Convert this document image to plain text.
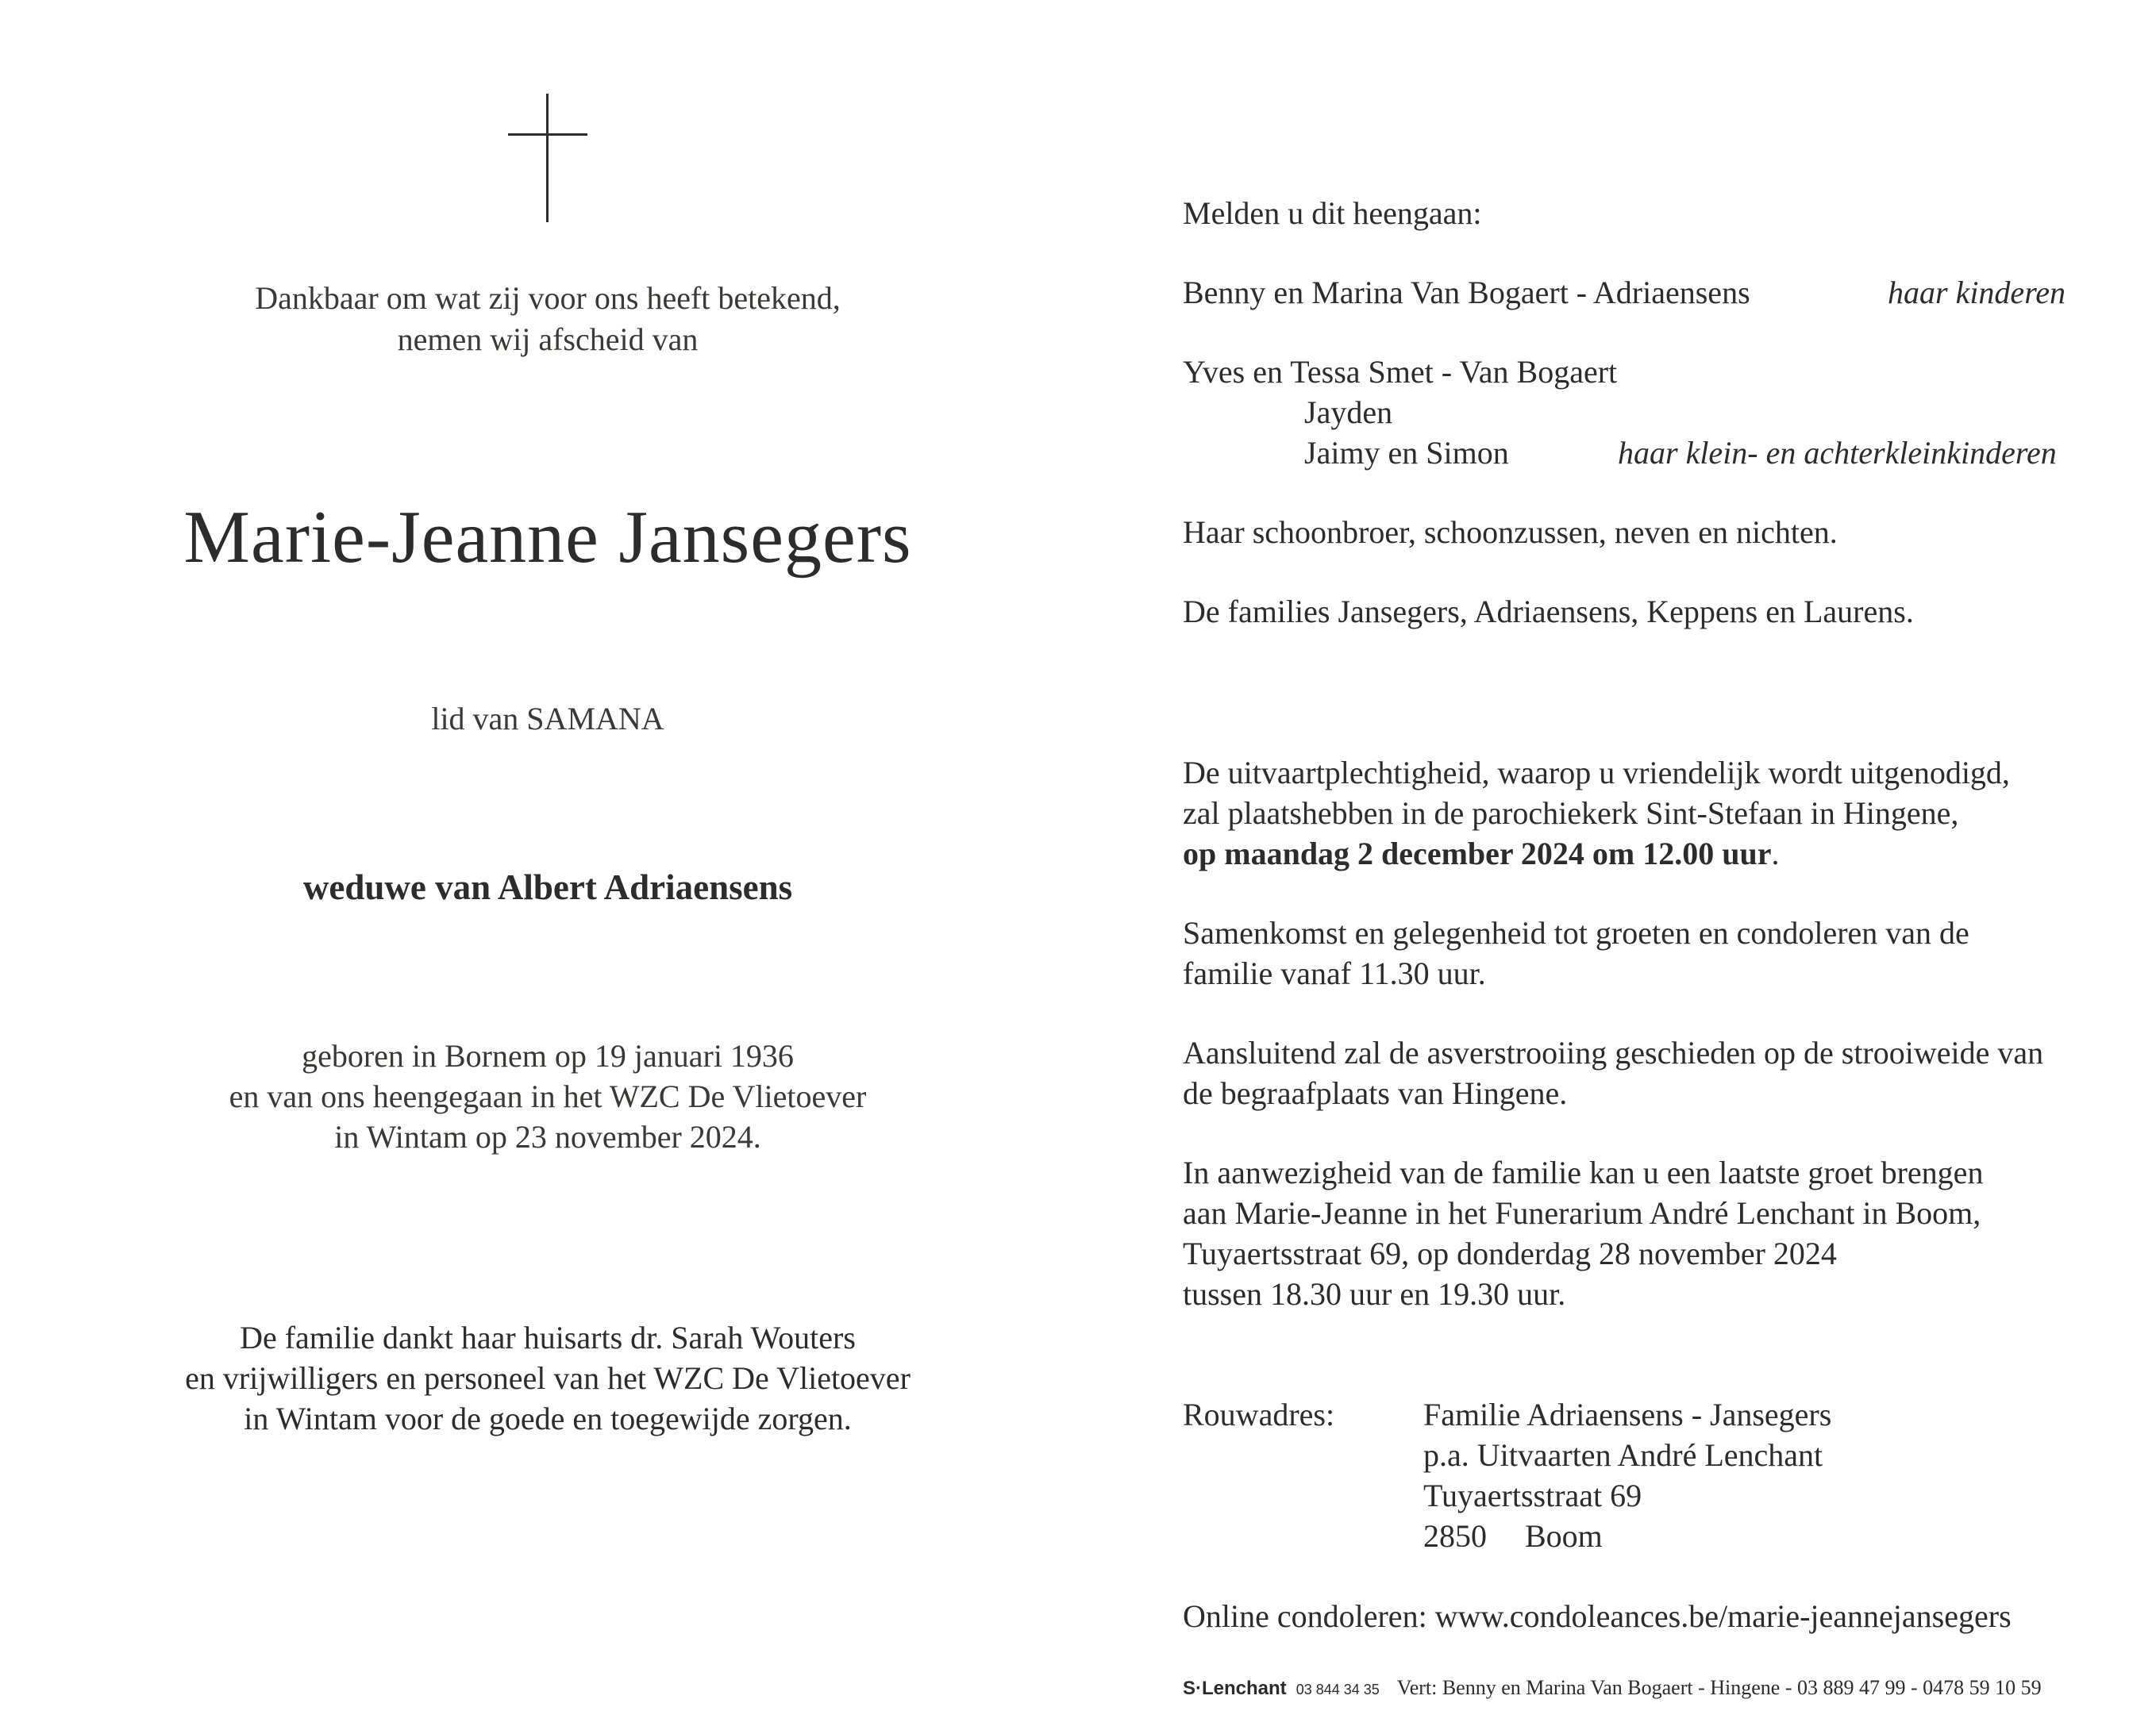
Dankbaar om wat zij voor ons heeft betekend,
nemen wij afscheid van
Marie-Jeanne Jansegers
lid van SAMANA
weduwe van Albert Adriaensens
geboren in Bornem op 19 januari 1936
en van ons heengegaan in het WZC De Vlietoever
in Wintam op 23 november 2024.
De familie dankt haar huisarts dr. Sarah Wouters
en vrijwilligers en personeel van het WZC De Vlietoever
in Wintam voor de goede en toegewijde zorgen.
Melden u dit heengaan:
Benny en Marina Van Bogaert - Adriaensens	haar kinderen
Yves en Tessa Smet - Van Bogaert
Jayden
Jaimy en Simon	haar klein- en achterkleinkinderen
Haar schoonbroer, schoonzussen, neven en nichten.
De families Jansegers, Adriaensens, Keppens en Laurens.
De uitvaartplechtigheid, waarop u vriendelijk wordt uitgenodigd,
zal plaatshebben in de parochiekerk Sint-Stefaan in Hingene,
op maandag 2 december 2024 om 12.00 uur.
Samenkomst en gelegenheid tot groeten en condoleren van de
familie vanaf 11.30 uur.
Aansluitend zal de asverstrooiing geschieden op de strooiweide van
de begraafplaats van Hingene.
In aanwezigheid van de familie kan u een laatste groet brengen
aan Marie-Jeanne in het Funerarium André Lenchant in Boom,
Tuyaertsstraat 69, op donderdag 28 november 2024
tussen 18.30 uur en 19.30 uur.
Rouwadres:	Familie Adriaensens - Jansegers
p.a. Uitvaarten André Lenchant
Tuyaertsstraat 69
2850 Boom
Online condoleren: www.condoleances.be/marie-jeannejansegers
S·Lenchant 03 844 34 35 Vert: Benny en Marina Van Bogaert - Hingene - 03 889 47 99 - 0478 59 10 59
